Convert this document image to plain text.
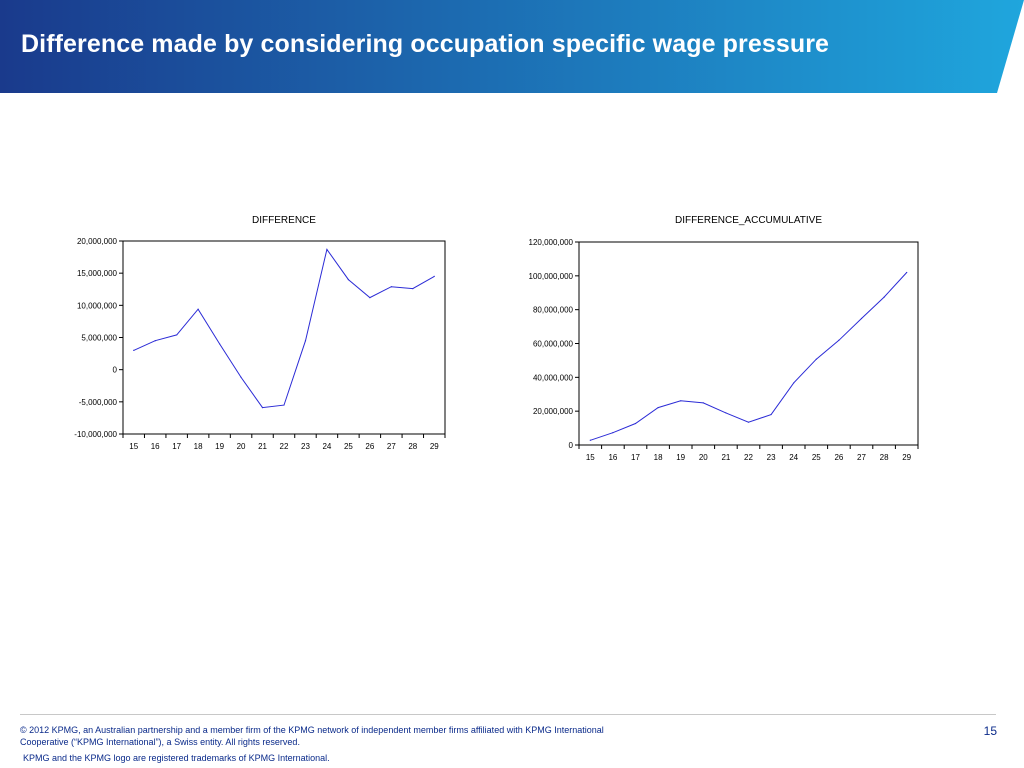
Difference made by considering occupation specific wage pressure
DIFFERENCE
-10,000,000
-5,000,000
0
5,000,000
10,000,000
15,000,000
20,000,000
15 16 17 18 19 20 21 22 23 24 25 26 27 28 29
DIFFERENCE_ACCUMULATIVE
0
20,000,000
40,000,000
60,000,000
80,000,000
100,000,000
120,000,000
15 16 17 18 19 20 21 22 23 24 25 26 27 28 29
© 2012 KPMG, an Australian partnership and a member firm of the KPMG network of independent member firms affiliated with KPMG International
Cooperative (“KPMG International”), a Swiss entity. All rights reserved.
KPMG and the KPMG logo are registered trademarks of KPMG International.
15
